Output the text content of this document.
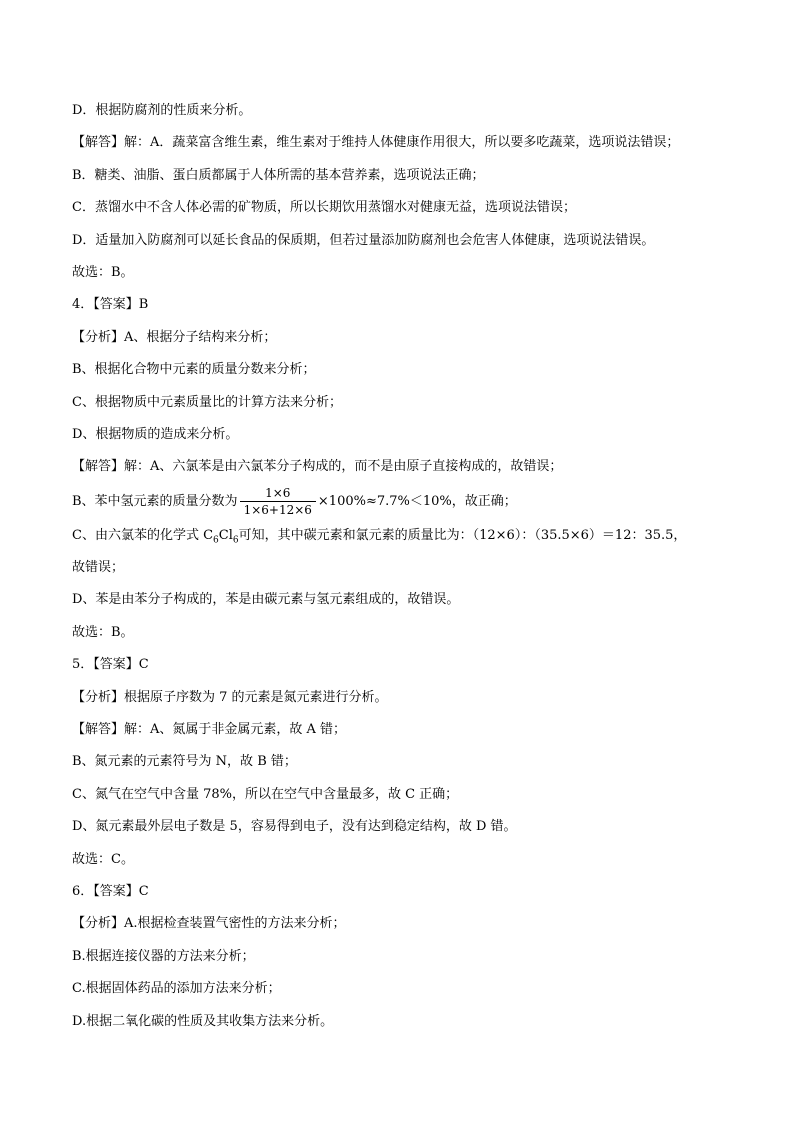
D．根据防腐剂的性质来分析。
【解答】解：A．蔬菜富含维生素，维生素对于维持人体健康作用很大，所以要多吃蔬菜，选项说法错误；
B．糖类、油脂、蛋白质都属于人体所需的基本营养素，选项说法正确；
C．蒸馏水中不含人体必需的矿物质，所以长期饮用蒸馏水对健康无益，选项说法错误；
D．适量加入防腐剂可以延长食品的保质期，但若过量添加防腐剂也会危害人体健康，选项说法错误。
故选：B。
4．【答案】B
【分析】A、根据分子结构来分析；
B、根据化合物中元素的质量分数来分析；
C、根据物质中元素质量比的计算方法来分析；
D、根据物质的造成来分析。
【解答】解：A、六氯苯是由六氯苯分子构成的，而不是由原子直接构成的，故错误；
B、苯中氢元素的质量分数为 $\frac{1\times 6}{1\times 6+12\times 6} \times 100\%\approx 7.7\%<10\%$，故正确；
C、由六氯苯的化学式 $C_6Cl_6$可知，其中碳元素和氯元素的质量比为：（12×6）：（35.5×6）＝12：35.5，
故错误；
D、苯是由苯分子构成的，苯是由碳元素与氢元素组成的，故错误。
故选：B。
5．【答案】C
【分析】根据原子序数为 7 的元素是氮元素进行分析。
【解答】解：A、氮属于非金属元素，故 A 错；
B、氮元素的元素符号为 N，故 B 错；
C、氮气在空气中含量 78%，所以在空气中含量最多，故 C 正确；
D、氮元素最外层电子数是 5，容易得到电子，没有达到稳定结构，故 D 错。
故选：C。
6．【答案】C
【分析】A.根据检查装置气密性的方法来分析；
B.根据连接仪器的方法来分析；
C.根据固体药品的添加方法来分析；
D.根据二氧化碳的性质及其收集方法来分析。
